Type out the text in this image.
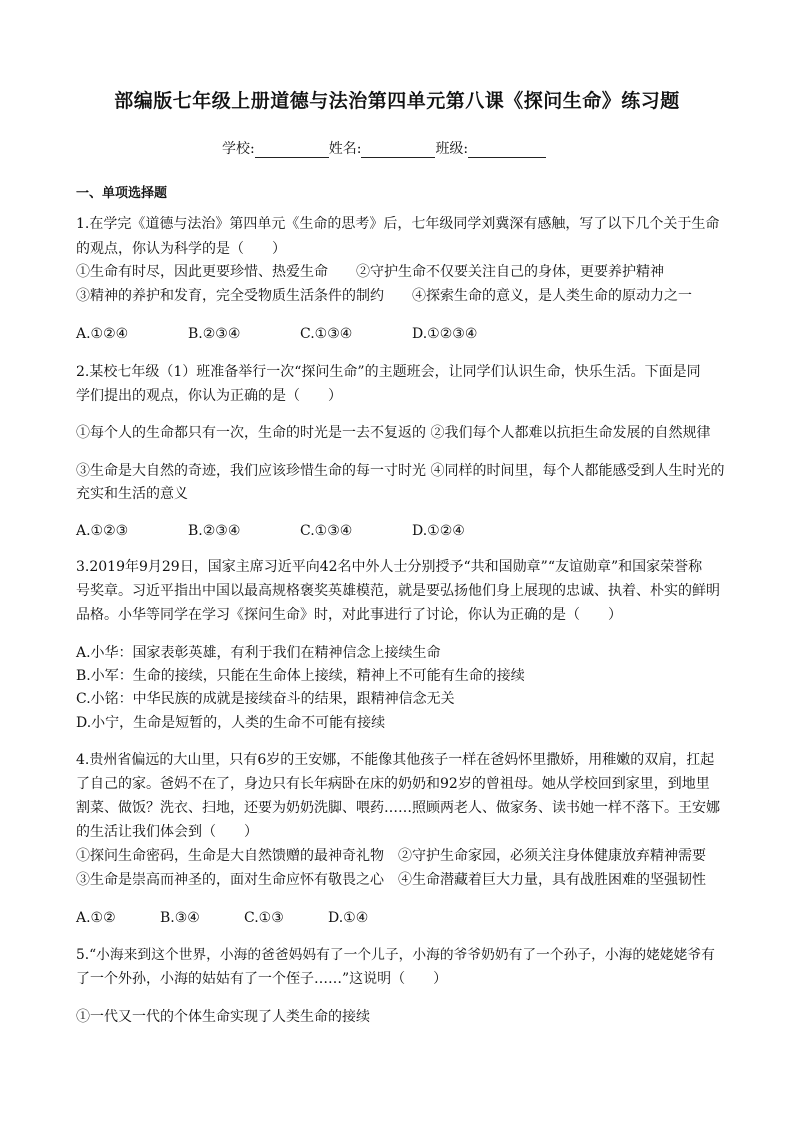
部编版七年级上册道德与法治第四单元第八课《探问生命》练习题
学校:	姓名:	班级:
一、单项选择题
1.在学完《道德与法治》第四单元《生命的思考》后，七年级同学刘冀深有感触，写了以下几个关于生命
的观点，你认为科学的是（　　）
①生命有时尽，因此更要珍惜、热爱生命　　②守护生命不仅要关注自己的身体，更要养护精神
③精神的养护和发育，完全受物质生活条件的制约　　④探索生命的意义，是人类生命的原动力之一
A.①②④	B.②③④	C.①③④	D.①②③④
2.某校七年级（1）班准备举行一次“探问生命”的主题班会，让同学们认识生命，快乐生活。下面是同
学们提出的观点，你认为正确的是（　　）
①每个人的生命都只有一次，生命的时光是一去不复返的 ②我们每个人都难以抗拒生命发展的自然规律
③生命是大自然的奇迹，我们应该珍惜生命的每一寸时光 ④同样的时间里，每个人都能感受到人生时光的
充实和生活的意义
A.①②③	B.②③④	C.①③④	D.①②④
3.2019年9月29日，国家主席习近平向42名中外人士分别授予“共和国勋章”“友谊勋章”和国家荣誉称
号奖章。习近平指出中国以最高规格褒奖英雄模范，就是要弘扬他们身上展现的忠诚、执着、朴实的鲜明
品格。小华等同学在学习《探问生命》时，对此事进行了讨论，你认为正确的是（　　）
A.小华：国家表彰英雄，有利于我们在精神信念上接续生命
B.小军：生命的接续，只能在生命体上接续，精神上不可能有生命的接续
C.小铭：中华民族的成就是接续奋斗的结果，跟精神信念无关
D.小宁，生命是短暂的，人类的生命不可能有接续
4.贵州省偏远的大山里，只有6岁的王安娜，不能像其他孩子一样在爸妈怀里撒娇，用稚嫩的双肩，扛起
了自己的家。爸妈不在了，身边只有长年病卧在床的奶奶和92岁的曾祖母。她从学校回到家里，到地里
割菜、做饭？洗衣、扫地，还要为奶奶洗脚、喂药……照顾两老人、做家务、读书她一样不落下。王安娜
的生活让我们体会到（　　）
①探问生命密码，生命是大自然馈赠的最神奇礼物　②守护生命家园，必须关注身体健康放弃精神需要
③生命是崇高而神圣的，面对生命应怀有敬畏之心　④生命潜藏着巨大力量，具有战胜困难的坚强韧性
A.①②	B.③④	C.①③	D.①④
5.“小海来到这个世界，小海的爸爸妈妈有了一个儿子，小海的爷爷奶奶有了一个孙子，小海的姥姥姥爷有
了一个外孙，小海的姑姑有了一个侄子……”这说明（　　）
①一代又一代的个体生命实现了人类生命的接续
